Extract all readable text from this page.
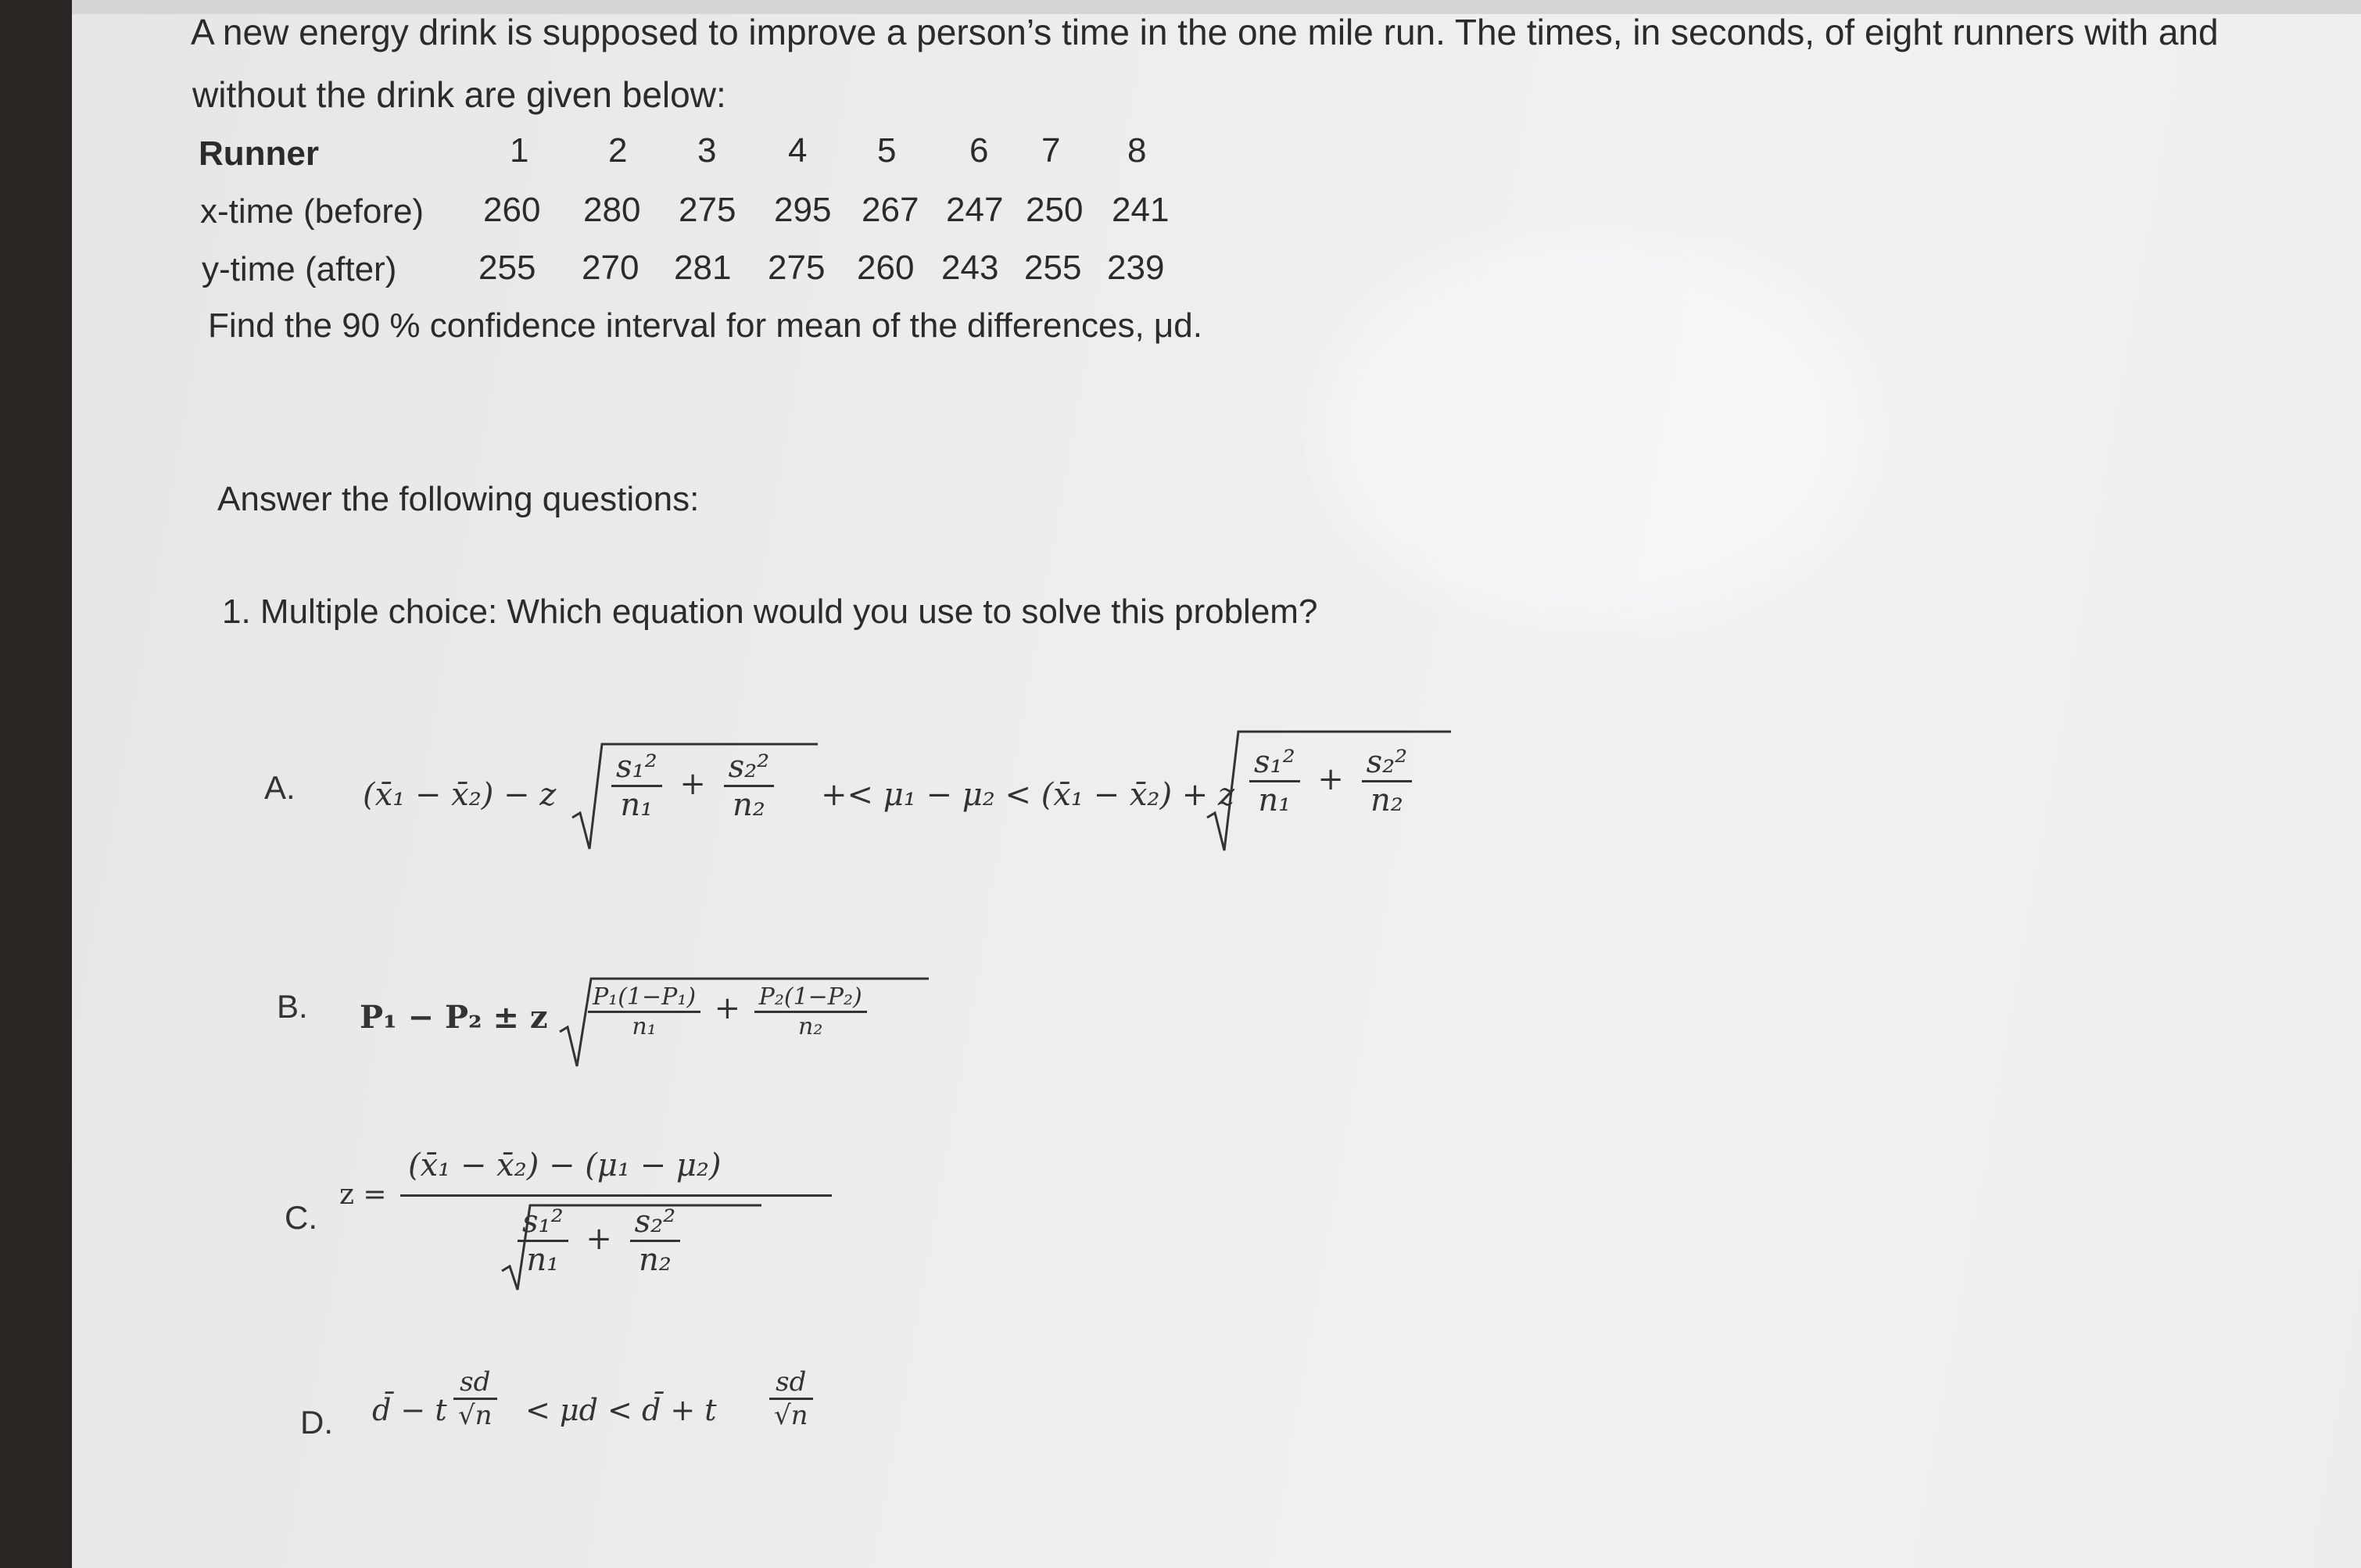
A new energy drink is supposed to improve a person’s time in the one mile run. The times, in seconds, of eight runners with and
without the drink are given below:
Runner	1 2 3 4 5 6 7 8
x-time (before) 260 280 275 295 267 247 250 241
y-time (after) 255 270 281 275 260 243 255 239
Find the 90 % confidence interval for mean of the differences, μd.
Answer the following questions:
1. Multiple choice: Which equation would you use to solve this problem?
A. (x̄₁ − x̄₂) − z $\frac{\text{s₁²}}{\text{n₁}} + \frac{\text{s₂²}}{\text{n₂}} +< \mu_1 - \mu_2$ < (x̄₁ − x̄₂) + z $\frac{\text{s₁²}}{\text{n₁}} + \frac{\text{s₂²}}{\text{n₂}}$
B. P₁ − P₂ ± z $\frac{\text{P₁(1−P₁)}}{\text{n₁}} + \frac{\text{P₂(1−P₂)}}{\text{n₂}}$
C.
z =
(x̄₁ − x̄₂) − (μ₁ − μ₂)
$\frac{\text{s₁²}}{\text{n₁}} + \frac{\text{s₂²}}{\text{n₂}}$
D. d̄ − t $\frac{sd}{√n} < \mu d$ < d̄ + t $\frac{sd}{√n}$
